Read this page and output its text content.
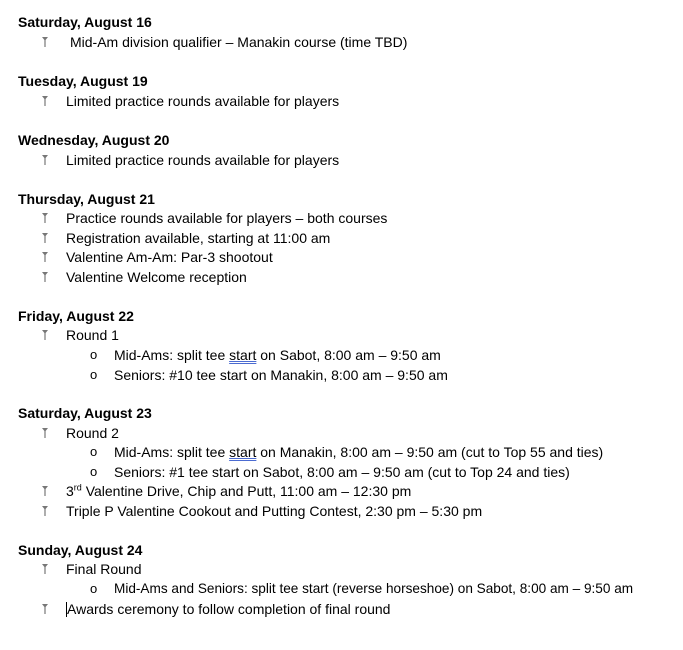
Saturday, August 16
Mid-Am division qualifier – Manakin course (time TBD)
Tuesday, August 19
Limited practice rounds available for players
Wednesday, August 20
Limited practice rounds available for players
Thursday, August 21
Practice rounds available for players – both courses
Registration available, starting at 11:00 am
Valentine Am-Am: Par-3 shootout
Valentine Welcome reception
Friday, August 22
Round 1
o Mid-Ams: split tee start on Sabot, 8:00 am – 9:50 am
o Seniors: #10 tee start on Manakin, 8:00 am – 9:50 am
Saturday, August 23
Round 2
o Mid-Ams: split tee start on Manakin, 8:00 am – 9:50 am (cut to Top 55 and ties)
o Seniors: #1 tee start on Sabot, 8:00 am – 9:50 am (cut to Top 24 and ties)
3rd Valentine Drive, Chip and Putt, 11:00 am – 12:30 pm
Triple P Valentine Cookout and Putting Contest, 2:30 pm – 5:30 pm
Sunday, August 24
Final Round
o Mid-Ams and Seniors: split tee start (reverse horseshoe) on Sabot, 8:00 am – 9:50 am
Awards ceremony to follow completion of final round
